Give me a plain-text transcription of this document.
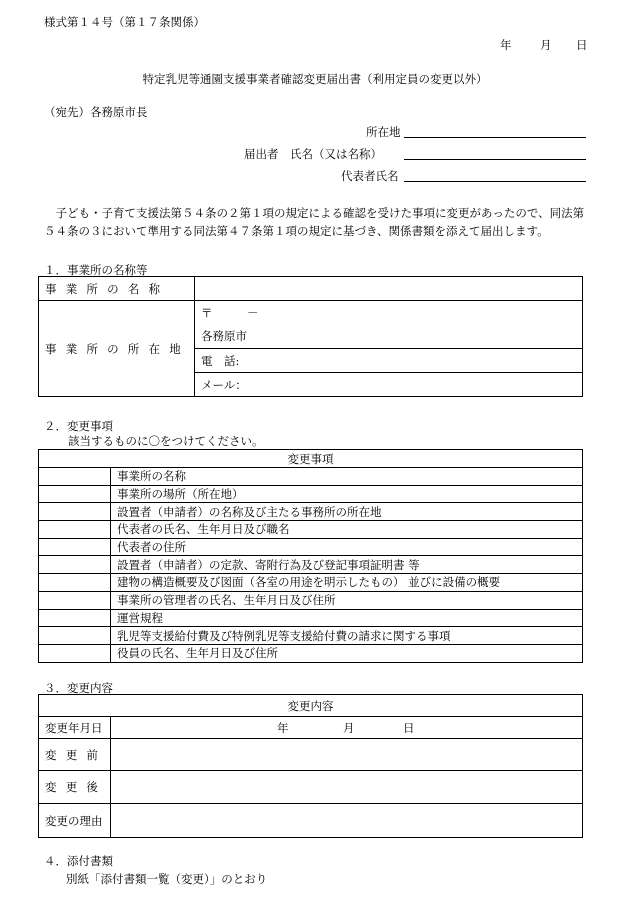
様式第１４号（第１７条関係）
年 月 日
特定乳児等通園支援事業者確認変更届出書（利用定員の変更以外）
（宛先）各務原市長
所在地
届出者 氏名（又は名称）
代表者氏名
子ども・子育て支援法第５４条の２第１項の規定による確認を受けた事項に変更があったので、同法第５４条の３において準用する同法第４７条第１項の規定に基づき、関係書類を添えて届出します。
１．事業所の名称等
事業所の名称	
事業所の所在地	〒　　　－
	各務原市
	電　話:
	メール：
２．変更事項
該当するものに〇をつけてください。
変更事項	
	事業所の名称
	事業所の場所（所在地）
	設置者（申請者）の名称及び主たる事務所の所在地
	代表者の氏名、生年月日及び職名
	代表者の住所
	設置者（申請者）の定款、寄附行為及び登記事項証明書 等
	建物の構造概要及び図面（各室の用途を明示したもの） 並びに設備の概要
	事業所の管理者の氏名、生年月日及び住所
	運営規程
	乳児等支援給付費及び特例乳児等支援給付費の請求に関する事項
	役員の氏名、生年月日及び住所
３．変更内容
変更内容	
変更年月日	年 月 日

変更前	
変更後	
変更の理由	
４．添付書類
別紙「添付書類一覧（変更）」のとおり
